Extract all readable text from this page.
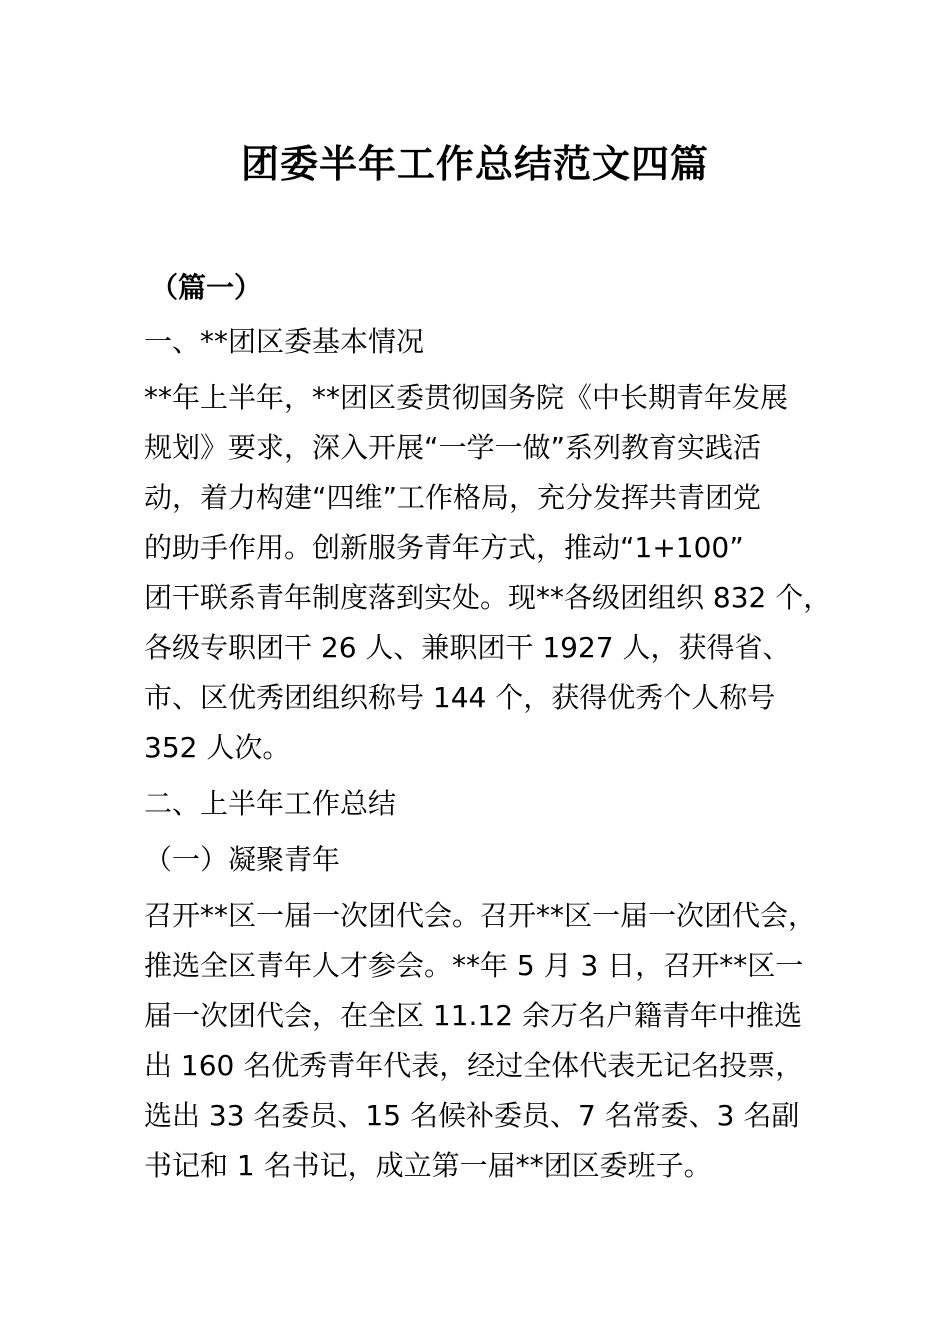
团委半年工作总结范文四篇
（篇一）
一、**团区委基本情况
**年上半年，**团区委贯彻国务院《中长期青年发展
规划》要求，深入开展“一学一做”系列教育实践活
动，着力构建“四维”工作格局，充分发挥共青团党
的助手作用。创新服务青年方式，推动“1+100”
团干联系青年制度落到实处。现**各级团组织 832 个，
各级专职团干 26 人、兼职团干 1927 人，获得省、
市、区优秀团组织称号 144 个，获得优秀个人称号
352 人次。
二、上半年工作总结
（一）凝聚青年
召开**区一届一次团代会。召开**区一届一次团代会，
推选全区青年人才参会。**年 5 月 3 日，召开**区一
届一次团代会，在全区 11.12 余万名户籍青年中推选
出 160 名优秀青年代表，经过全体代表无记名投票，
选出 33 名委员、15 名候补委员、7 名常委、3 名副
书记和 1 名书记，成立第一届**团区委班子。
